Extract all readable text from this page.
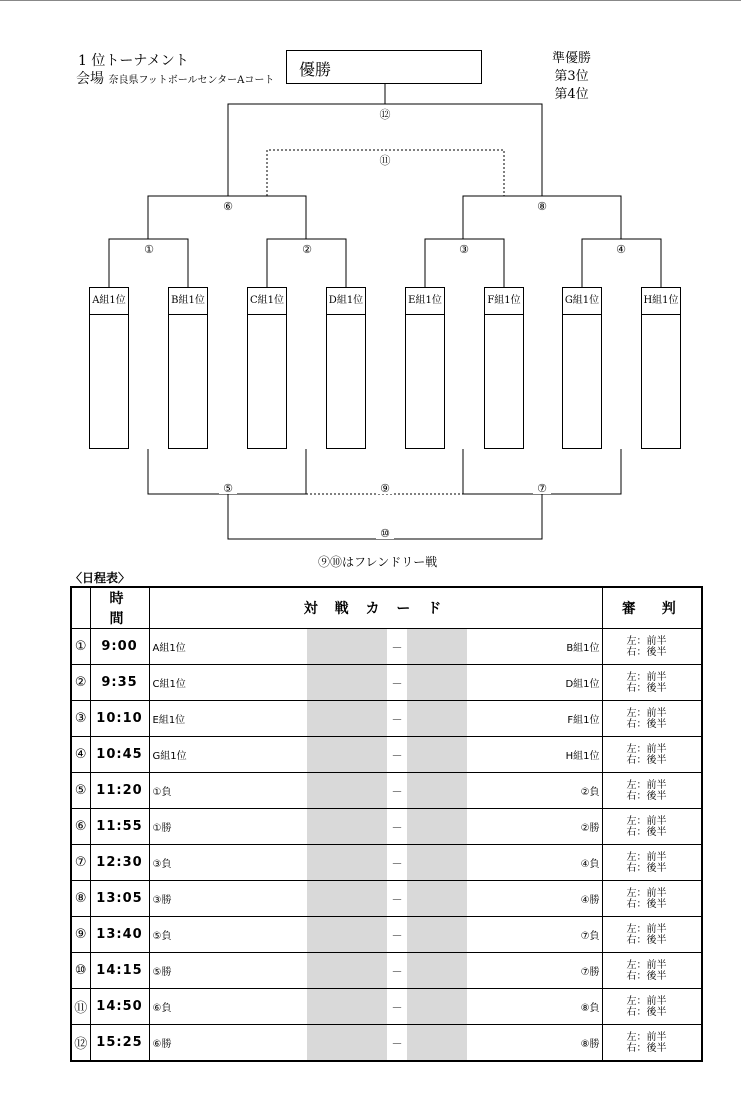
1 位トーナメント
会場 奈良県フットボールセンターAコート
優勝
準優勝
第3位
第4位
①	②	③	④
⑤
⑥
⑦
⑧
⑨
⑩
⑪
⑫
A組1位	B組1位	C組1位	D組1位	E組1位	F組1位	G組1位	H組1位
⑨⑩はフレンドリー戦
〈日程表〉
	時　間	対 戦 カ ー ド					審　判
①	9:00	A組1位		－		B組1位	左：前半
右：後半

②	9:35	C組1位		－		D組1位	左：前半
右：後半

③	10:10	E組1位		－		F組1位	左：前半
右：後半

④	10:45	G組1位		－		H組1位	左：前半
右：後半

⑤	11:20	①負		－		②負	左：前半
右：後半

⑥	11:55	①勝		－		②勝	左：前半
右：後半

⑦	12:30	③負		－		④負	左：前半
右：後半

⑧	13:05	③勝		－		④勝	左：前半
右：後半

⑨	13:40	⑤負		－		⑦負	左：前半
右：後半

⑩	14:15	⑤勝		－		⑦勝	左：前半
右：後半

⑪	14:50	⑥負		－		⑧負	左：前半
右：後半

⑫	15:25	⑥勝		－		⑧勝	左：前半
右：後半
